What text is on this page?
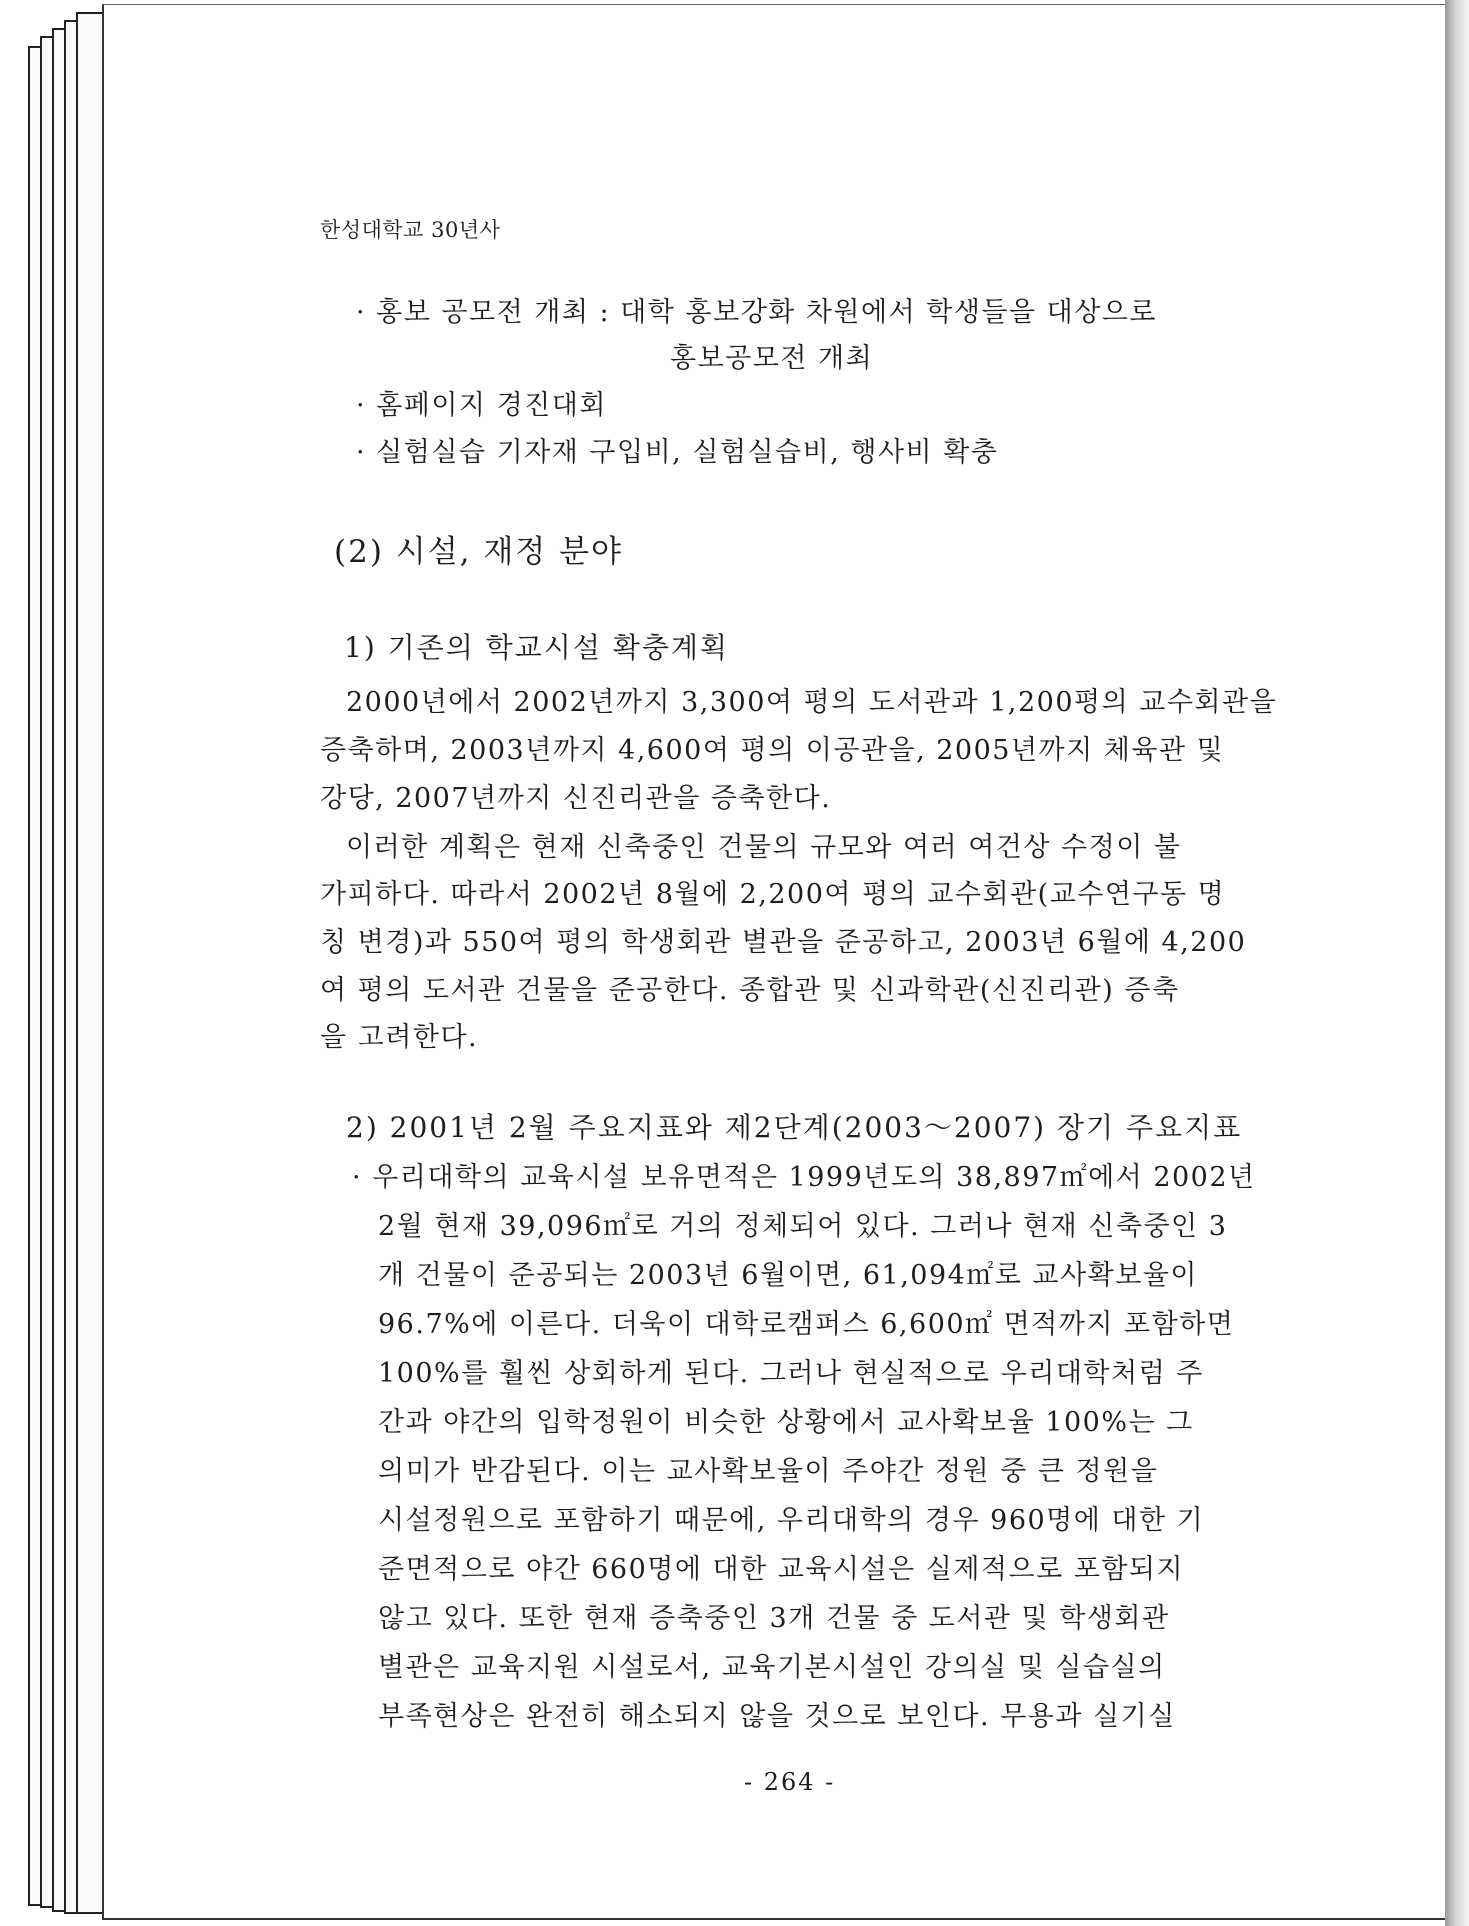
한성대학교 30년사
· 홍보 공모전 개최 : 대학 홍보강화 차원에서 학생들을 대상으로
홍보공모전 개최
· 홈페이지 경진대회
· 실험실습 기자재 구입비, 실험실습비, 행사비 확충
(2) 시설, 재정 분야
1) 기존의 학교시설 확충계획
2000년에서 2002년까지 3,300여 평의 도서관과 1,200평의 교수회관을
증축하며, 2003년까지 4,600여 평의 이공관을, 2005년까지 체육관 및
강당, 2007년까지 신진리관을 증축한다.
이러한 계획은 현재 신축중인 건물의 규모와 여러 여건상 수정이 불
가피하다. 따라서 2002년 8월에 2,200여 평의 교수회관(교수연구동 명
칭 변경)과 550여 평의 학생회관 별관을 준공하고, 2003년 6월에 4,200
여 평의 도서관 건물을 준공한다. 종합관 및 신과학관(신진리관) 증축
을 고려한다.
2) 2001년 2월 주요지표와 제2단계(2003～2007) 장기 주요지표
· 우리대학의 교육시설 보유면적은 1999년도의 38,897㎡에서 2002년
2월 현재 39,096㎡로 거의 정체되어 있다. 그러나 현재 신축중인 3
개 건물이 준공되는 2003년 6월이면, 61,094㎡로 교사확보율이
96.7%에 이른다. 더욱이 대학로캠퍼스 6,600㎡ 면적까지 포함하면
100%를 훨씬 상회하게 된다. 그러나 현실적으로 우리대학처럼 주
간과 야간의 입학정원이 비슷한 상황에서 교사확보율 100%는 그
의미가 반감된다. 이는 교사확보율이 주야간 정원 중 큰 정원을
시설정원으로 포함하기 때문에, 우리대학의 경우 960명에 대한 기
준면적으로 야간 660명에 대한 교육시설은 실제적으로 포함되지
않고 있다. 또한 현재 증축중인 3개 건물 중 도서관 및 학생회관
별관은 교육지원 시설로서, 교육기본시설인 강의실 및 실습실의
부족현상은 완전히 해소되지 않을 것으로 보인다. 무용과 실기실
- 264 -
